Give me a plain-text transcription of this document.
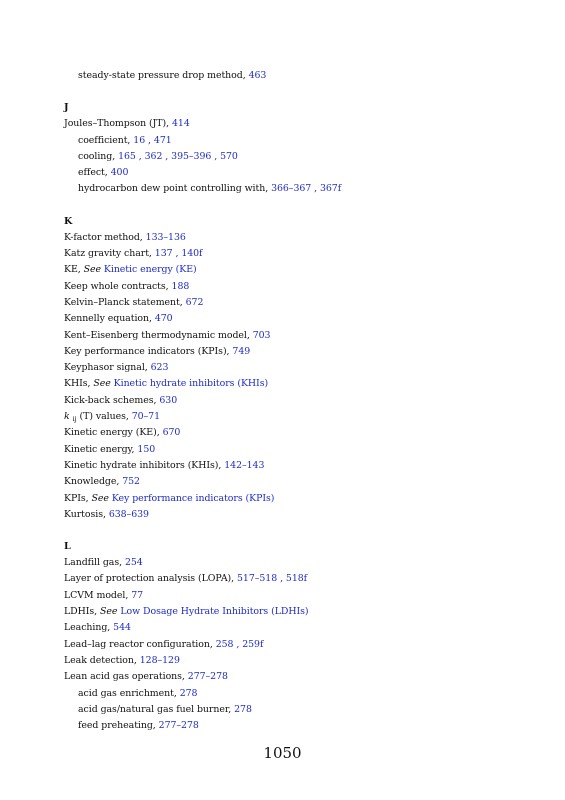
steady-state pressure drop method, 463
J
Joules–Thompson (JT), 414
coefficient, 16 , 471
cooling, 165 , 362 , 395–396 , 570
effect, 400
hydrocarbon dew point controlling with, 366–367 , 367f
K
K-factor method, 133–136
Katz gravity chart, 137 , 140f
KE, See Kinetic energy (KE)
Keep whole contracts, 188
Kelvin–Planck statement, 672
Kennelly equation, 470
Kent–Eisenberg thermodynamic model, 703
Key performance indicators (KPIs), 749
Keyphasor signal, 623
KHIs, See Kinetic hydrate inhibitors (KHIs)
Kick-back schemes, 630
k $_{ij}$ (T) values, 70–71
Kinetic energy (KE), 670
Kinetic energy, 150
Kinetic hydrate inhibitors (KHIs), 142–143
Knowledge, 752
KPIs, See Key performance indicators (KPIs)
Kurtosis, 638–639
L
Landfill gas, 254
Layer of protection analysis (LOPA), 517–518 , 518f
LCVM model, 77
LDHIs, See Low Dosage Hydrate Inhibitors (LDHIs)
Leaching, 544
Lead–lag reactor configuration, 258 , 259f
Leak detection, 128–129
Lean acid gas operations, 277–278
acid gas enrichment, 278
acid gas/natural gas fuel burner, 278
feed preheating, 277–278
1050
